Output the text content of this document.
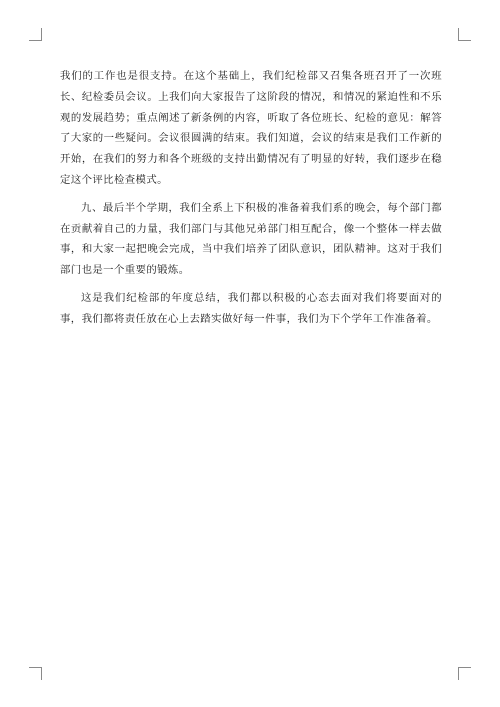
我们的工作也是很支持。在这个基础上，我们纪检部又召集各班召开了一次班长、纪检委员会议。上我们向大家报告了这阶段的情况，和情况的紧迫性和不乐观的发展趋势；重点阐述了新条例的内容，听取了各位班长、纪检的意见：解答了大家的一些疑问。会议很圆满的结束。我们知道，会议的结束是我们工作新的开始，在我们的努力和各个班级的支持出勤情况有了明显的好转，我们逐步在稳定这个评比检查模式。

九、最后半个学期，我们全系上下积极的准备着我们系的晚会，每个部门都在贡献着自己的力量，我们部门与其他兄弟部门相互配合，像一个整体一样去做事，和大家一起把晚会完成，当中我们培养了团队意识，团队精神。这对于我们部门也是一个重要的锻炼。

这是我们纪检部的年度总结，我们都以积极的心态去面对我们将要面对的事，我们都将责任放在心上去踏实做好每一件事，我们为下个学年工作准备着。
